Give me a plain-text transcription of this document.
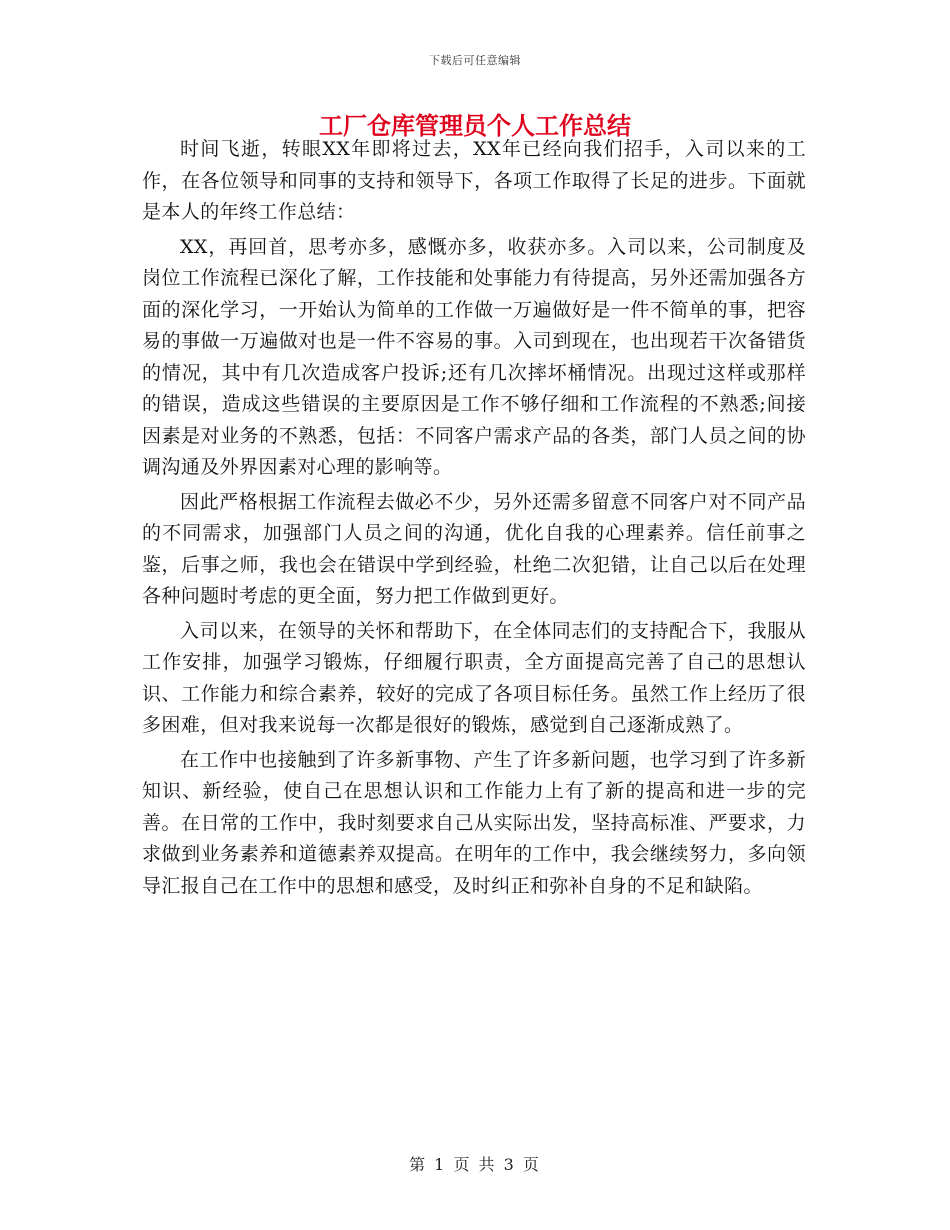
下载后可任意编辑
工厂仓库管理员个人工作总结

时间飞逝，转眼XX年即将过去，XX年已经向我们招手，入司以来的工作，在各位领导和同事的支持和领导下，各项工作取得了长足的进步。下面就是本人的年终工作总结：

XX，再回首，思考亦多，感慨亦多，收获亦多。入司以来，公司制度及岗位工作流程已深化了解，工作技能和处事能力有待提高，另外还需加强各方面的深化学习，一开始认为简单的工作做一万遍做好是一件不简单的事，把容易的事做一万遍做对也是一件不容易的事。入司到现在，也出现若干次备错货的情况，其中有几次造成客户投诉;还有几次摔坏桶情况。出现过这样或那样的错误，造成这些错误的主要原因是工作不够仔细和工作流程的不熟悉;间接因素是对业务的不熟悉，包括：不同客户需求产品的各类，部门人员之间的协调沟通及外界因素对心理的影响等。

因此严格根据工作流程去做必不少，另外还需多留意不同客户对不同产品的不同需求，加强部门人员之间的沟通，优化自我的心理素养。信任前事之鉴，后事之师，我也会在错误中学到经验，杜绝二次犯错，让自己以后在处理各种问题时考虑的更全面，努力把工作做到更好。

入司以来，在领导的关怀和帮助下，在全体同志们的支持配合下，我服从工作安排，加强学习锻炼，仔细履行职责，全方面提高完善了自己的思想认识、工作能力和综合素养，较好的完成了各项目标任务。虽然工作上经历了很多困难，但对我来说每一次都是很好的锻炼，感觉到自己逐渐成熟了。

在工作中也接触到了许多新事物、产生了许多新问题，也学习到了许多新知识、新经验，使自己在思想认识和工作能力上有了新的提高和进一步的完善。在日常的工作中，我时刻要求自己从实际出发，坚持高标准、严要求，力求做到业务素养和道德素养双提高。在明年的工作中，我会继续努力，多向领导汇报自己在工作中的思想和感受，及时纠正和弥补自身的不足和缺陷。

第 1 页 共 3 页
